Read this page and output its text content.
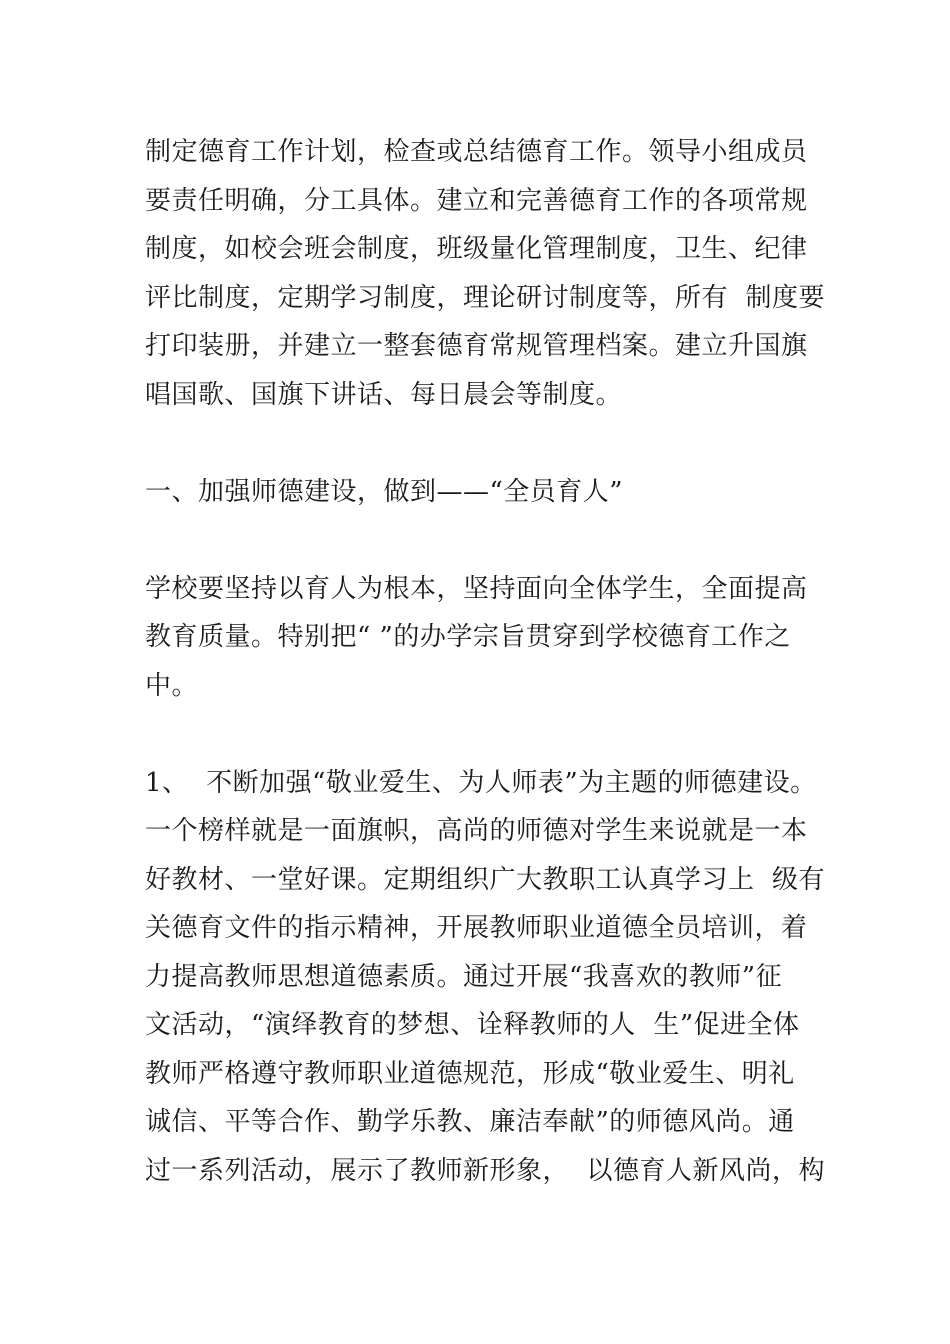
制定德育工作计划，检查或总结德育工作。领导小组成员
要责任明确，分工具体。建立和完善德育工作的各项常规
制度，如校会班会制度，班级量化管理制度，卫生、纪律
评比制度，定期学习制度，理论研讨制度等，所有  制度要
打印装册，并建立一整套德育常规管理档案。建立升国旗
唱国歌、国旗下讲话、每日晨会等制度。
一、加强师德建设，做到——“全员育人”
学校要坚持以育人为根本，坚持面向全体学生，全面提高
教育质量。特别把“ ”的办学宗旨贯穿到学校德育工作之
中。
1、  不断加强“敬业爱生、为人师表”为主题的师德建设。
一个榜样就是一面旗帜，高尚的师德对学生来说就是一本
好教材、一堂好课。定期组织广大教职工认真学习上  级有
关德育文件的指示精神，开展教师职业道德全员培训，着
力提高教师思想道德素质。通过开展“我喜欢的教师”征
文活动，“演绎教育的梦想、诠释教师的人  生”促进全体
教师严格遵守教师职业道德规范，形成“敬业爱生、明礼
诚信、平等合作、勤学乐教、廉洁奉献”的师德风尚。通
过一系列活动，展示了教师新形象，  以德育人新风尚，构
